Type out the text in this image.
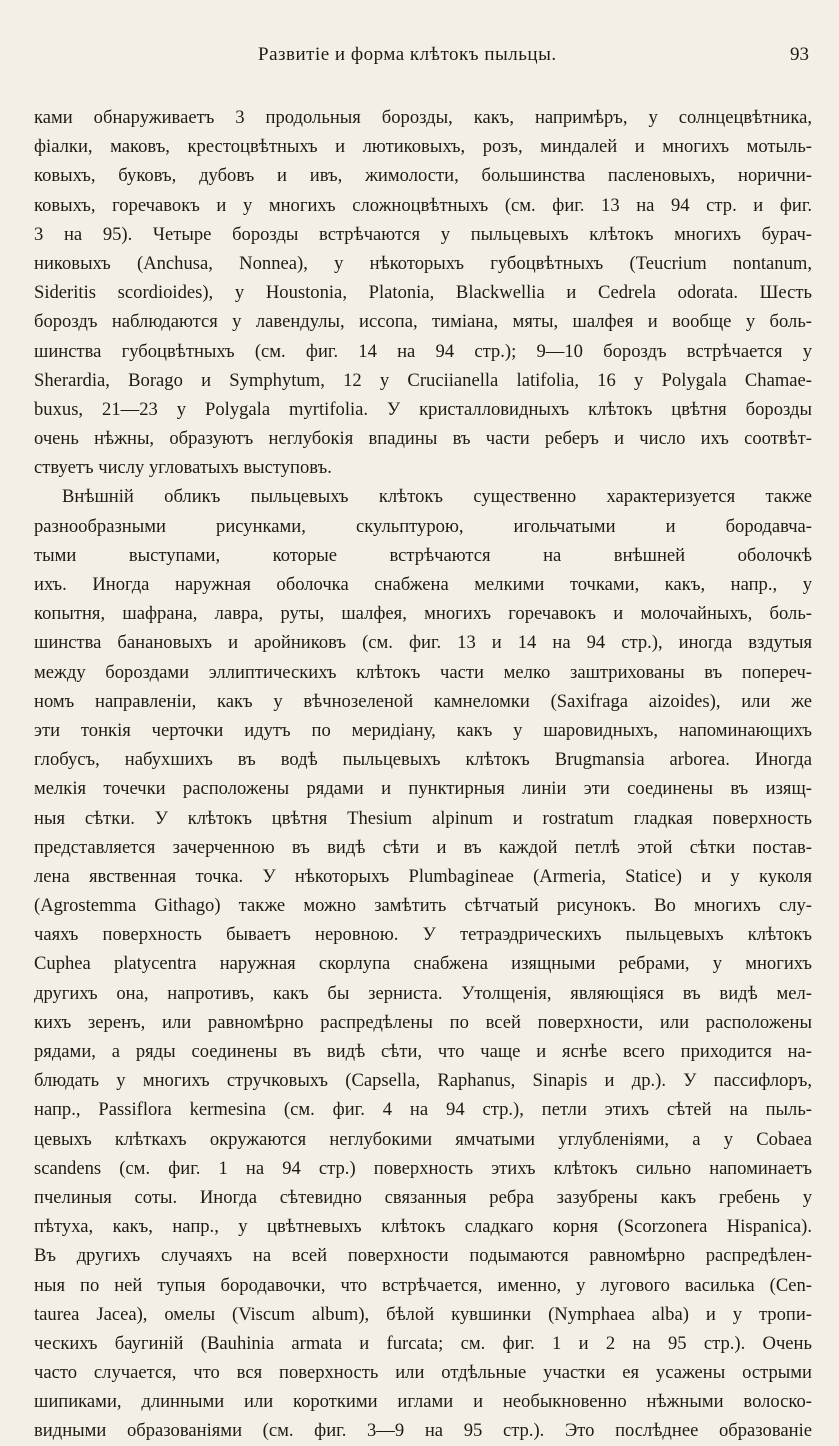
Развитіе и форма клѣтокъ пыльцы.	93
ками обнаруживаетъ 3 продольныя борозды, какъ, напримѣръ, у солнцецвѣтника,
фіалки, маковъ, крестоцвѣтныхъ и лютиковыхъ, розъ, миндалей и многихъ мотыль-
ковыхъ, буковъ, дубовъ и ивъ, жимолости, большинства пасленовыхъ, норични-
ковыхъ, горечавокъ и у многихъ сложноцвѣтныхъ (см. фиг. 13 на 94 стр. и фиг.
3 на 95). Четыре борозды встрѣчаются у пыльцевыхъ клѣтокъ многихъ бурач-
никовыхъ (Anchusa, Nonnea), у нѣкоторыхъ губоцвѣтныхъ (Teucrium nontanum,
Sideritis scordioides), у Houstonia, Platonia, Blackwellia и Cedrela odorata. Шесть
бороздъ наблюдаются у лавендулы, иссопа, тиміана, мяты, шалфея и вообще у боль-
шинства губоцвѣтныхъ (см. фиг. 14 на 94 стр.); 9—10 бороздъ встрѣчается у
Sherardia, Borago и Symphytum, 12 у Cruciianella latifolia, 16 у Polygala Chamae-
buxus, 21—23 у Polygala myrtifolia. У кристалловидныхъ клѣтокъ цвѣтня борозды
очень нѣжны, образуютъ неглубокія впадины въ части реберъ и число ихъ соотвѣт-
ствуетъ числу угловатыхъ выступовъ.
Внѣшній обликъ пыльцевыхъ клѣтокъ существенно характеризуется также
разнообразными рисунками, скульптурою, игольчатыми и бородавча-
тыми выступами, которые встрѣчаются на внѣшней оболочкѣ
ихъ. Иногда наружная оболочка снабжена мелкими точками, какъ, напр., у
копытня, шафрана, лавра, руты, шалфея, многихъ горечавокъ и молочайныхъ, боль-
шинства банановыхъ и аройниковъ (см. фиг. 13 и 14 на 94 стр.), иногда вздутыя
между бороздами эллиптическихъ клѣтокъ части мелко заштрихованы въ попереч-
номъ направленіи, какъ у вѣчнозеленой камнеломки (Saxifraga aizoides), или же
эти тонкія черточки идутъ по меридіану, какъ у шаровидныхъ, напоминающихъ
глобусъ, набухшихъ въ водѣ пыльцевыхъ клѣтокъ Brugmansia arborea. Иногда
мелкія точечки расположены рядами и пунктирныя линіи эти соединены въ изящ-
ныя сѣтки. У клѣтокъ цвѣтня Thesium alpinum и rostratum гладкая поверхность
представляется зачерченною въ видѣ сѣти и въ каждой петлѣ этой сѣтки постав-
лена явственная точка. У нѣкоторыхъ Plumbagineae (Armeria, Statice) и у куколя
(Agrostemma Githago) также можно замѣтить сѣтчатый рисунокъ. Во многихъ слу-
чаяхъ поверхность бываетъ неровною. У тетраэдрическихъ пыльцевыхъ клѣтокъ
Cuphea platycentra наружная скорлупа снабжена изящными ребрами, у многихъ
другихъ она, напротивъ, какъ бы зерниста. Утолщенія, являющіяся въ видѣ мел-
кихъ зеренъ, или равномѣрно распредѣлены по всей поверхности, или расположены
рядами, а ряды соединены въ видѣ сѣти, что чаще и яснѣе всего приходится на-
блюдать у многихъ стручковыхъ (Capsella, Raphanus, Sinapis и др.). У пассифлоръ,
напр., Passiflora kermesina (см. фиг. 4 на 94 стр.), петли этихъ сѣтей на пыль-
цевыхъ клѣткахъ окружаются неглубокими ямчатыми углубленіями, а у Cobaea
scandens (см. фиг. 1 на 94 стр.) поверхность этихъ клѣтокъ сильно напоминаетъ
пчелиныя соты. Иногда сѣтевидно связанныя ребра зазубрены какъ гребень у
пѣтуха, какъ, напр., у цвѣтневыхъ клѣтокъ сладкаго корня (Scorzonera Hispanica).
Въ другихъ случаяхъ на всей поверхности подымаются равномѣрно распредѣлен-
ныя по ней тупыя бородавочки, что встрѣчается, именно, у лугового василька (Cen-
taurea Jacea), омелы (Viscum album), бѣлой кувшинки (Nymphaea alba) и у тропи-
ческихъ баугиній (Bauhinia armata и furcata; см. фиг. 1 и 2 на 95 стр.). Очень
часто случается, что вся поверхность или отдѣльные участки ея усажены острыми
шипиками, длинными или короткими иглами и необыкновенно нѣжными волоско-
видными образованіями (см. фиг. 3—9 на 95 стр.). Это послѣднее образованіе
